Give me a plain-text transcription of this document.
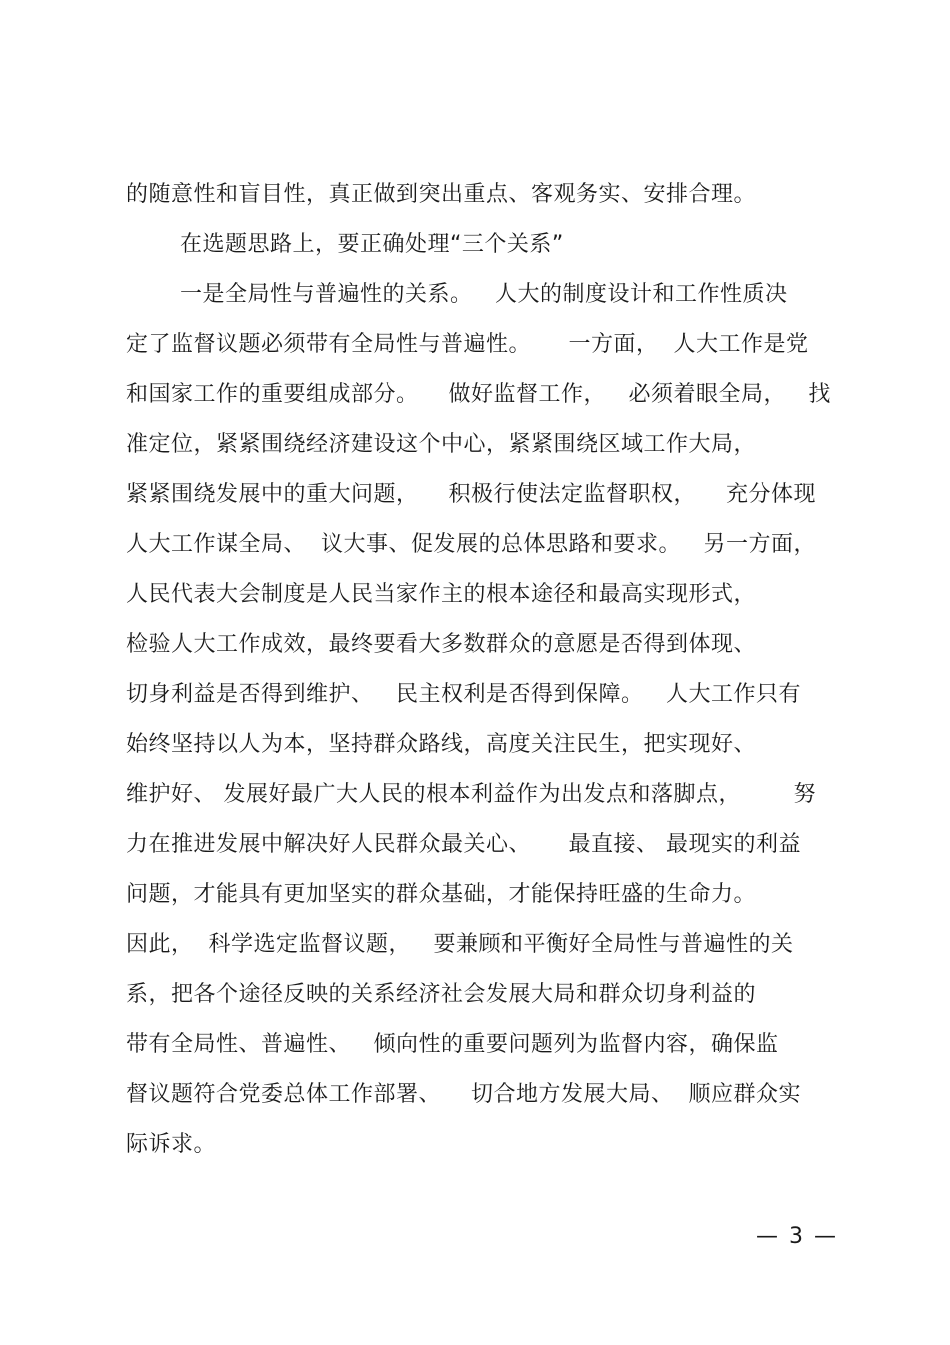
的随意性和盲目性，真正做到突出重点、客观务实、安排合理。
在选题思路上，要正确处理“三个关系”
一是全局性与普遍性的关系。   人大的制度设计和工作性质决
定了监督议题必须带有全局性与普遍性。     一方面，  人大工作是党
和国家工作的重要组成部分。    做好监督工作，   必须着眼全局，   找
准定位，紧紧围绕经济建设这个中心，紧紧围绕区域工作大局，
紧紧围绕发展中的重大问题，    积极行使法定监督职权，    充分体现
人大工作谋全局、  议大事、促发展的总体思路和要求。   另一方面，
人民代表大会制度是人民当家作主的根本途径和最高实现形式，
检验人大工作成效，最终要看大多数群众的意愿是否得到体现、
切身利益是否得到维护、   民主权利是否得到保障。   人大工作只有
始终坚持以人为本，坚持群众路线，高度关注民生，把实现好、
维护好、 发展好最广大人民的根本利益作为出发点和落脚点，       努
力在推进发展中解决好人民群众最关心、     最直接、 最现实的利益
问题，才能具有更加坚实的群众基础，才能保持旺盛的生命力。
因此，  科学选定监督议题，   要兼顾和平衡好全局性与普遍性的关
系，把各个途径反映的关系经济社会发展大局和群众切身利益的
带有全局性、普遍性、   倾向性的重要问题列为监督内容，确保监
督议题符合党委总体工作部署、    切合地方发展大局、  顺应群众实
际诉求。
— 3 —
